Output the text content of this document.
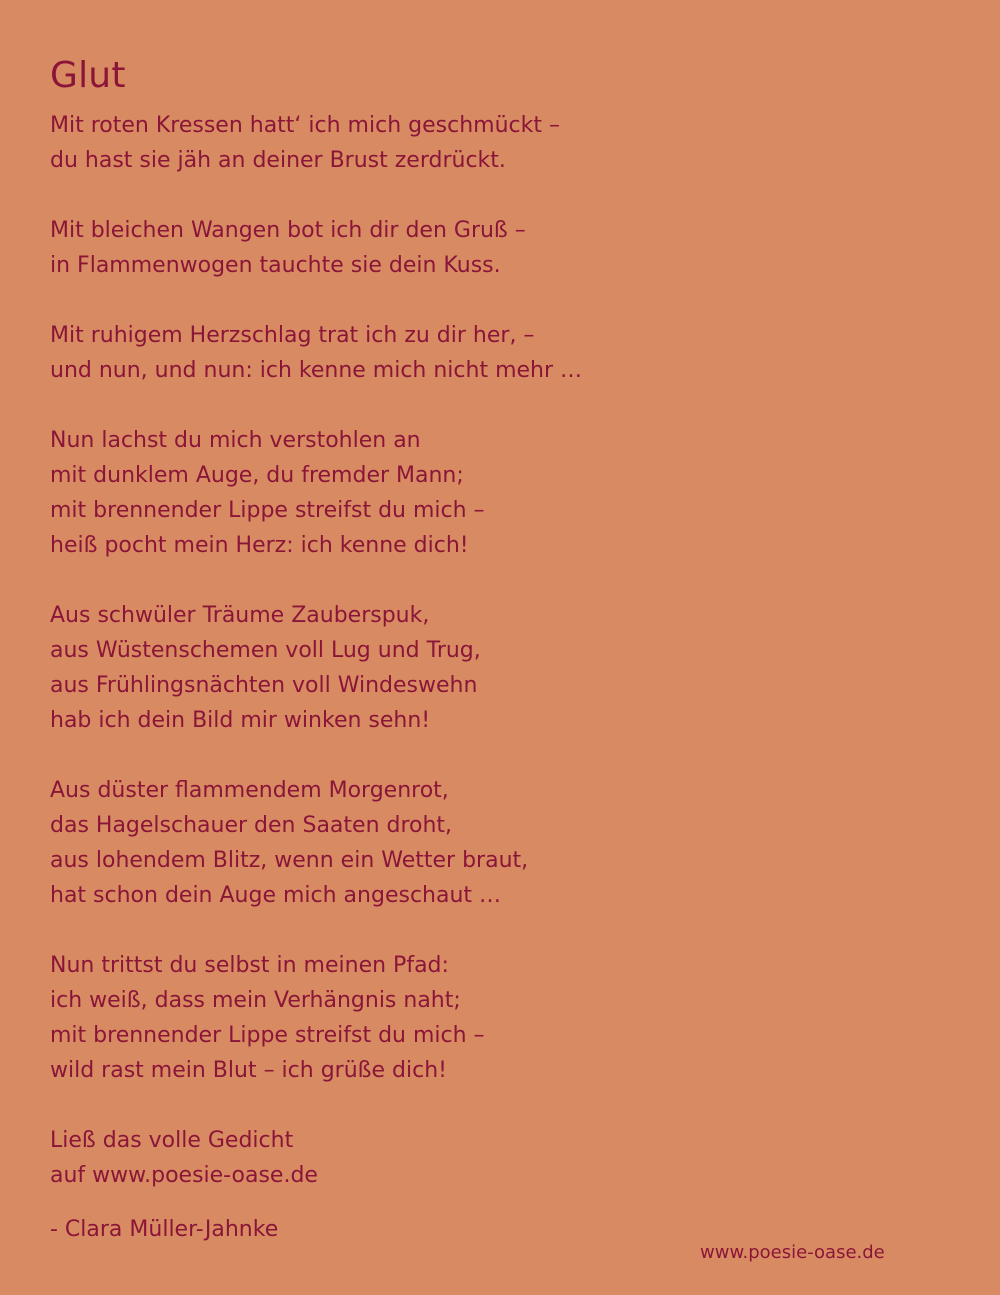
Glut
Mit roten Kressen hatt‘ ich mich geschmückt –
du hast sie jäh an deiner Brust zerdrückt.
Mit bleichen Wangen bot ich dir den Gruß –
in Flammenwogen tauchte sie dein Kuss.
Mit ruhigem Herzschlag trat ich zu dir her, –
und nun, und nun: ich kenne mich nicht mehr …
Nun lachst du mich verstohlen an
mit dunklem Auge, du fremder Mann;
mit brennender Lippe streifst du mich –
heiß pocht mein Herz: ich kenne dich!
Aus schwüler Träume Zauberspuk,
aus Wüstenschemen voll Lug und Trug,
aus Frühlingsnächten voll Windeswehn
hab ich dein Bild mir winken sehn!
Aus düster flammendem Morgenrot,
das Hagelschauer den Saaten droht,
aus lohendem Blitz, wenn ein Wetter braut,
hat schon dein Auge mich angeschaut …
Nun trittst du selbst in meinen Pfad:
ich weiß, dass mein Verhängnis naht;
mit brennender Lippe streifst du mich –
wild rast mein Blut – ich grüße dich!
Ließ das volle Gedicht
auf www.poesie-oase.de
- Clara Müller-Jahnke
www.poesie-oase.de
